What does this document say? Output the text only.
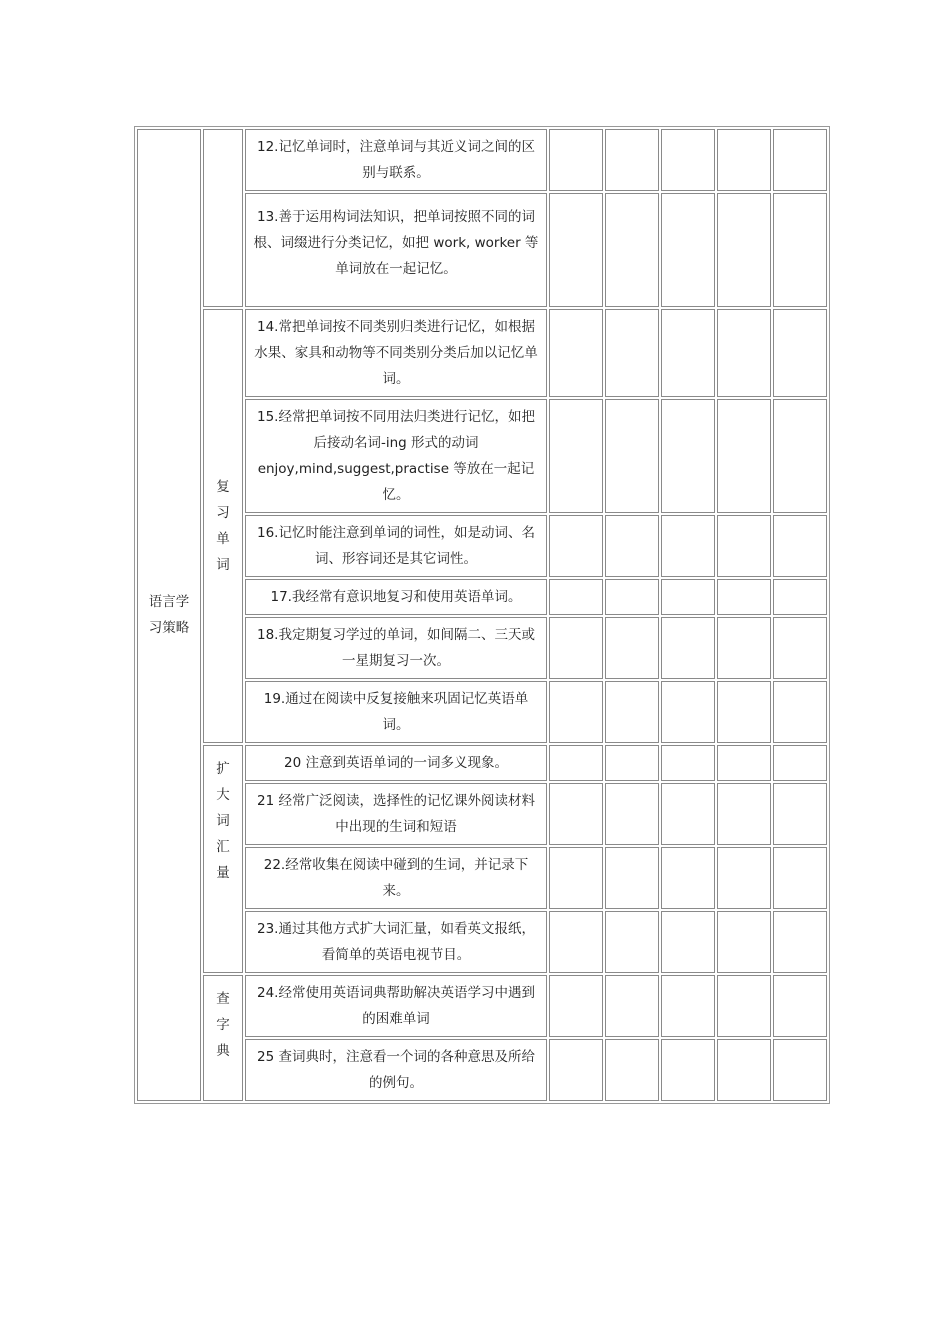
语言学习策略		12.记忆单词时，注意单词与其近义词之间的区别与联系。					
		13.善于运用构词法知识，把单词按照不同的词根、词缀进行分类记忆，如把 work, worker 等单词放在一起记忆。					
	复习单词	14.常把单词按不同类别归类进行记忆，如根据水果、家具和动物等不同类别分类后加以记忆单词。					
		15.经常把单词按不同用法归类进行记忆，如把后接动名词-ing 形式的动词 enjoy,mind,suggest,practise 等放在一起记忆。					
		16.记忆时能注意到单词的词性，如是动词、名词、形容词还是其它词性。					
		17.我经常有意识地复习和使用英语单词。					
		18.我定期复习学过的单词，如间隔二、三天或一星期复习一次。					
		19.通过在阅读中反复接触来巩固记忆英语单词。					
	扩大词汇量	20 注意到英语单词的一词多义现象。					
		21 经常广泛阅读，选择性的记忆课外阅读材料中出现的生词和短语					
		22.经常收集在阅读中碰到的生词，并记录下来。					
		23.通过其他方式扩大词汇量，如看英文报纸，看简单的英语电视节目。					
	查字典	24.经常使用英语词典帮助解决英语学习中遇到的困难单词					
		25 查词典时，注意看一个词的各种意思及所给的例句。					
